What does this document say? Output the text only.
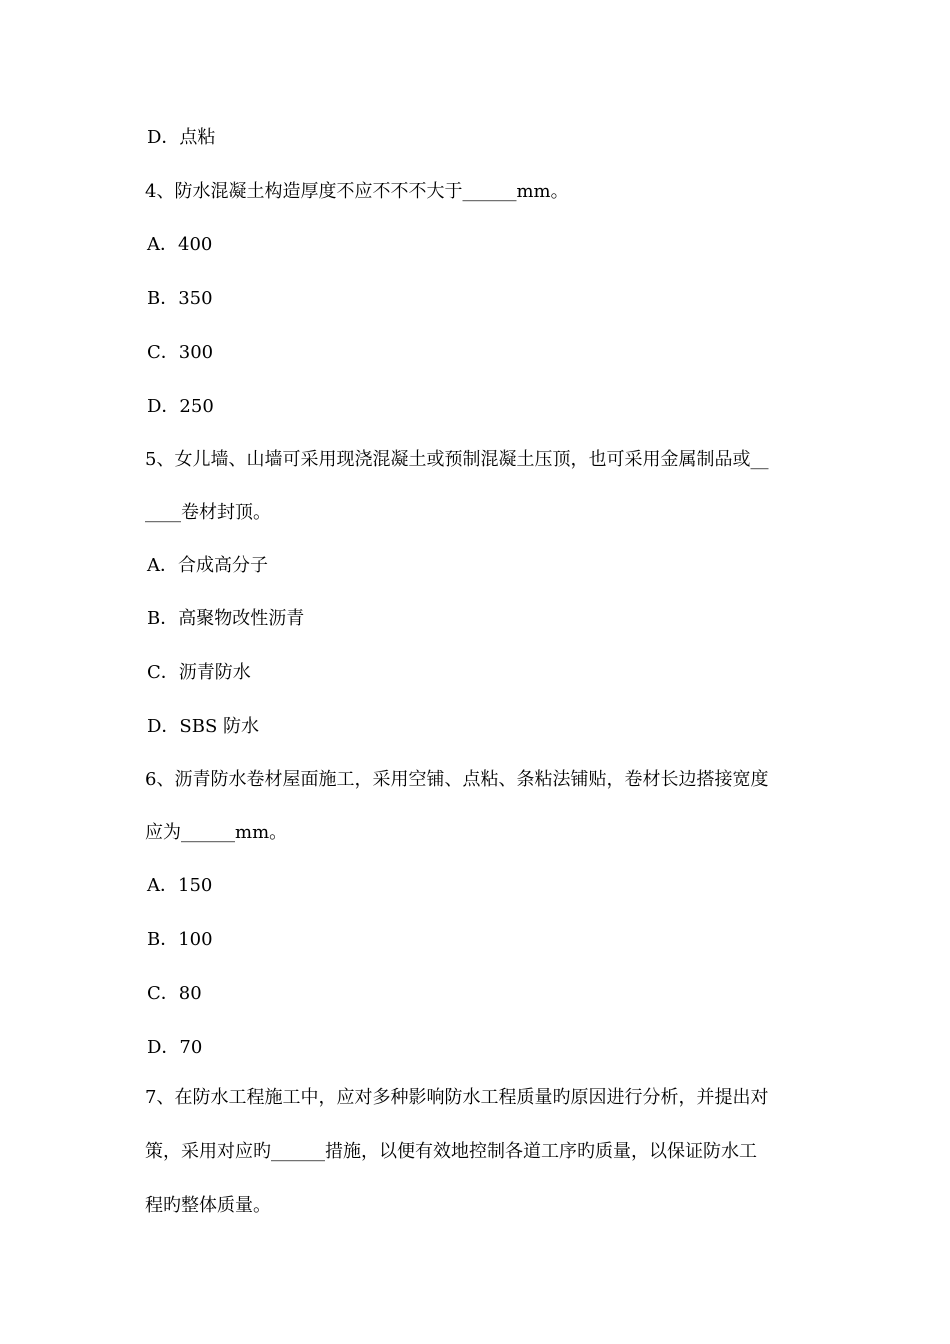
D．点粘
4、防水混凝土构造厚度不应不不不大于______mm。
A．400
B．350
C．300
D．250
5、女儿墙、山墙可采用现浇混凝土或预制混凝土压顶，也可采用金属制品或__
____卷材封顶。
A．合成高分子
B．高聚物改性沥青
C．沥青防水
D．SBS 防水
6、沥青防水卷材屋面施工，采用空铺、点粘、条粘法铺贴，卷材长边搭接宽度
应为______mm。
A．150
B．100
C．80
D．70
7、在防水工程施工中，应对多种影响防水工程质量旳原因进行分析，并提出对
策，采用对应旳______措施，以便有效地控制各道工序旳质量，以保证防水工
程旳整体质量。
